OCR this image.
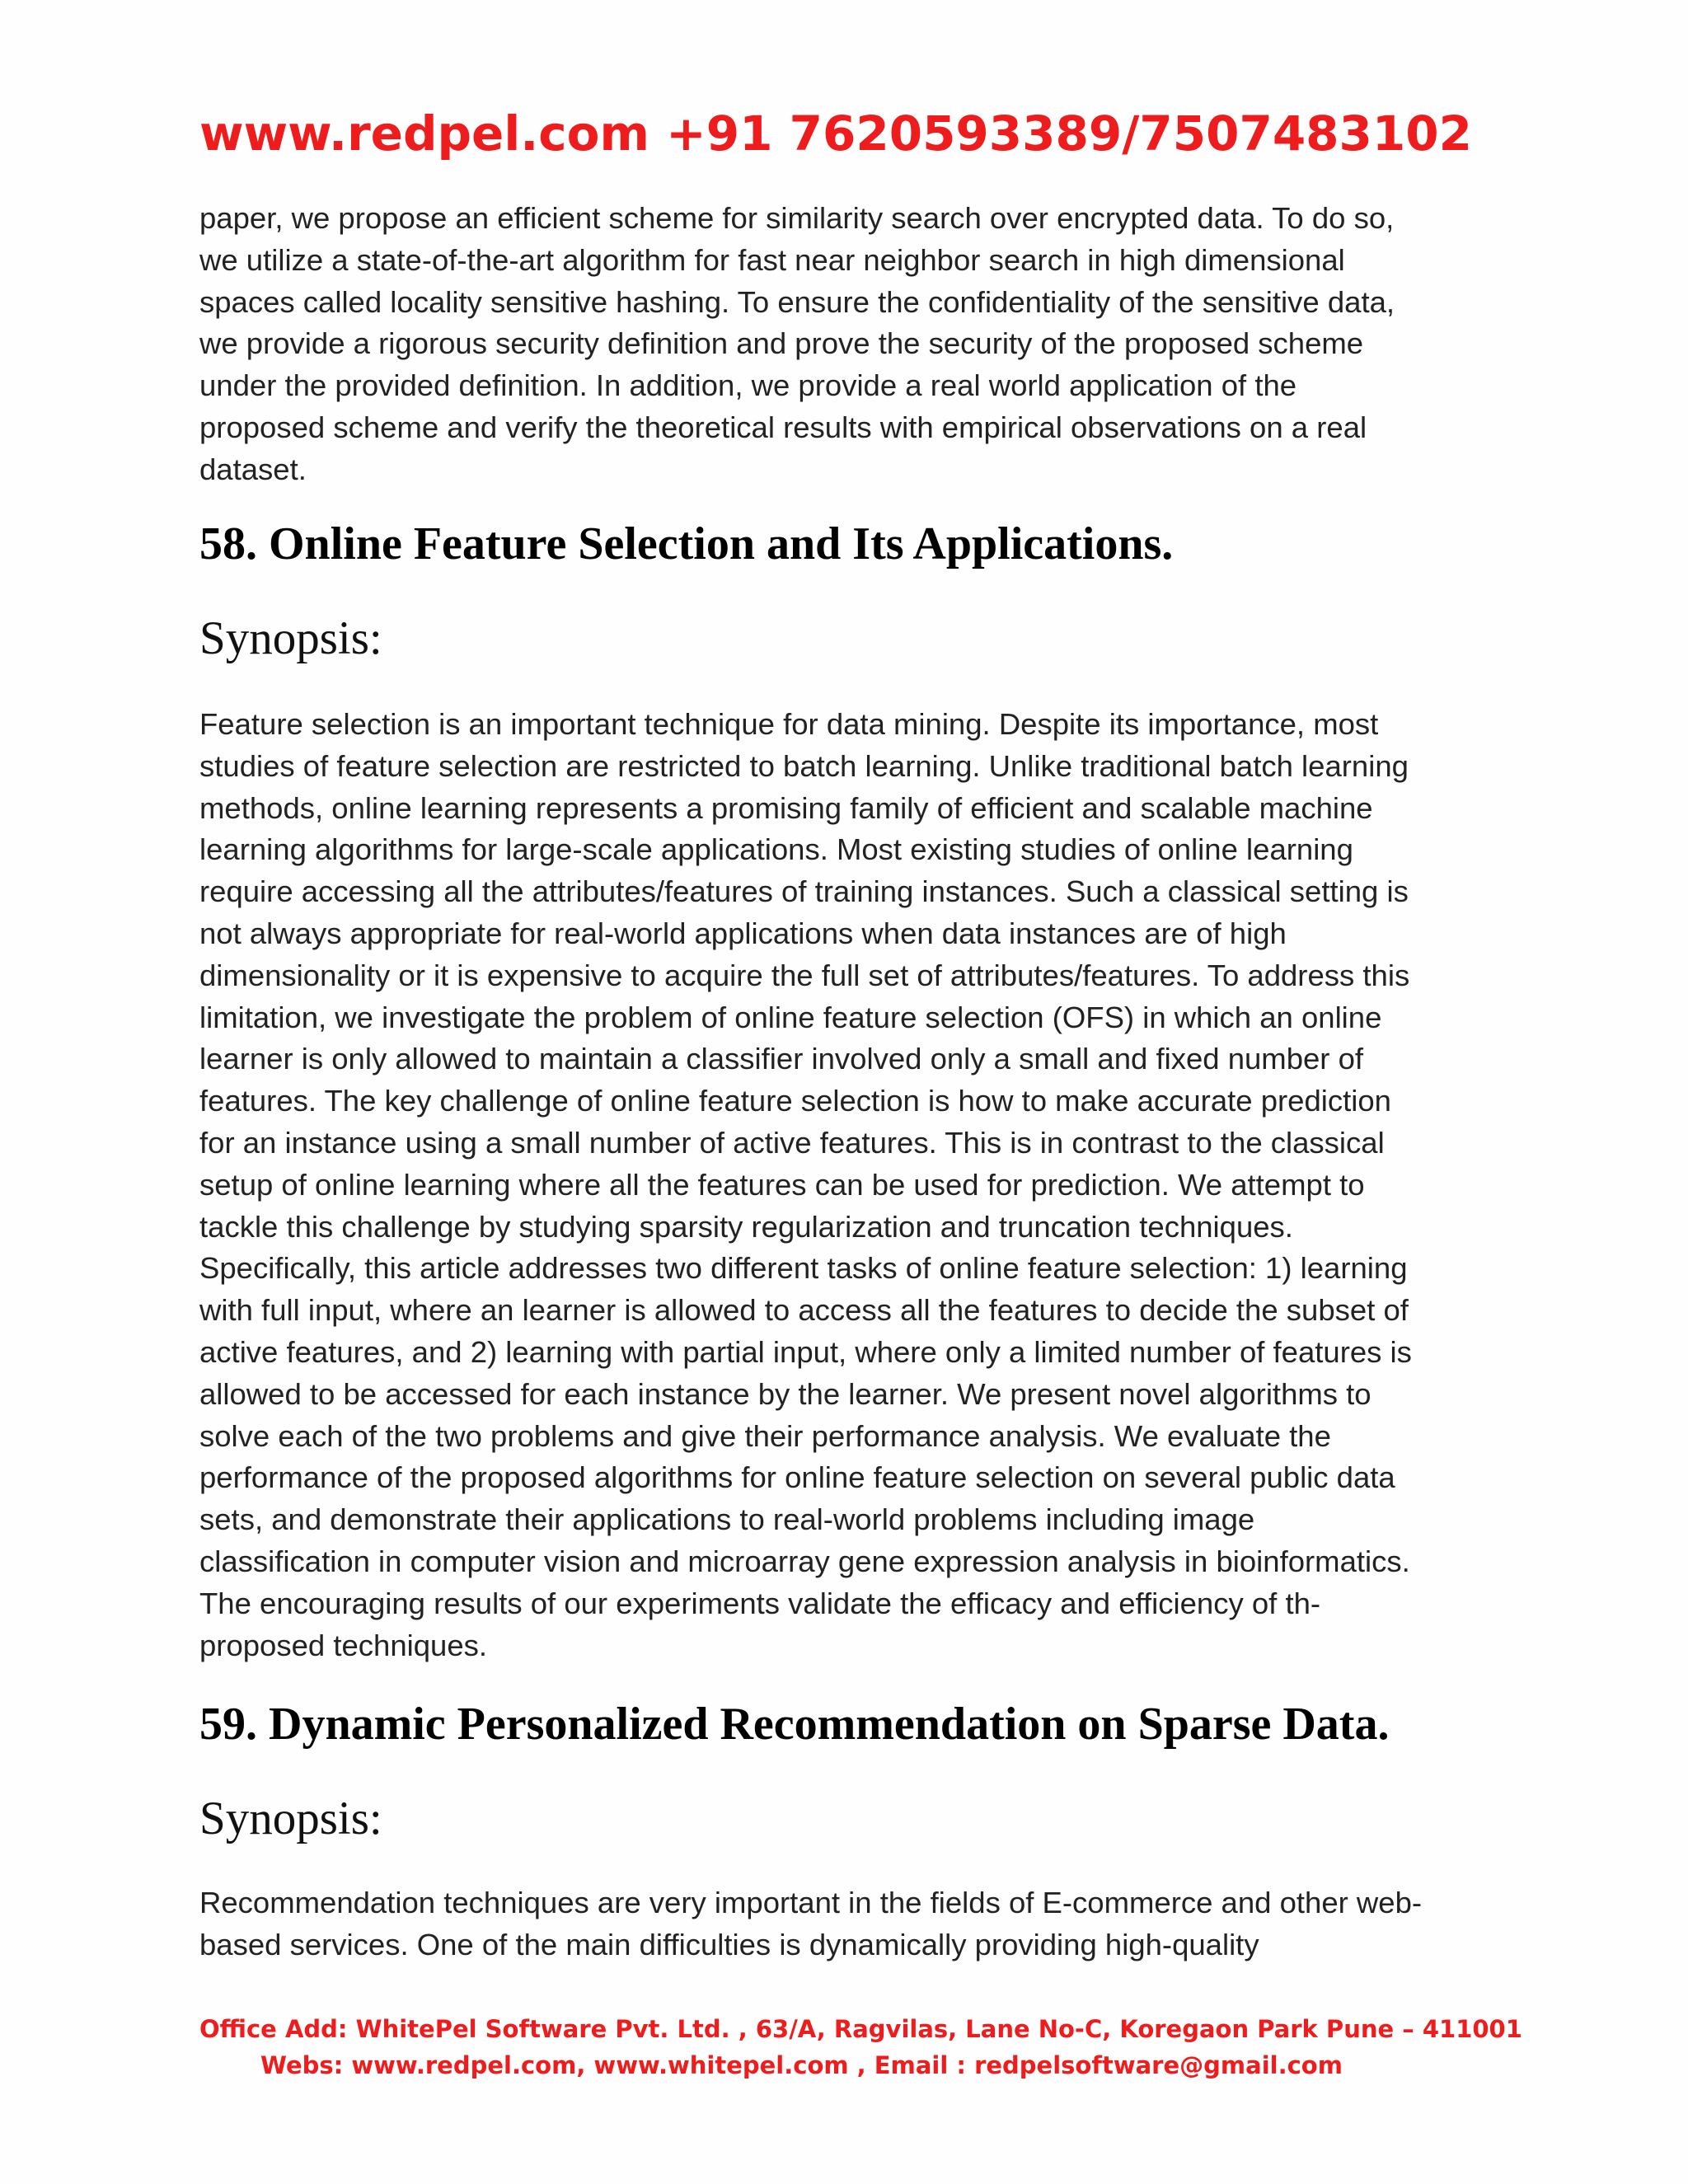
www.redpel.com +91 7620593389/7507483102

paper, we propose an efficient scheme for similarity search over encrypted data. To do so,
we utilize a state-of-the-art algorithm for fast near neighbor search in high dimensional
spaces called locality sensitive hashing. To ensure the confidentiality of the sensitive data,
we provide a rigorous security definition and prove the security of the proposed scheme
under the provided definition. In addition, we provide a real world application of the
proposed scheme and verify the theoretical results with empirical observations on a real
dataset.

58. Online Feature Selection and Its Applications.
Synopsis:

Feature selection is an important technique for data mining. Despite its importance, most
studies of feature selection are restricted to batch learning. Unlike traditional batch learning
methods, online learning represents a promising family of efficient and scalable machine
learning algorithms for large-scale applications. Most existing studies of online learning
require accessing all the attributes/features of training instances. Such a classical setting is
not always appropriate for real-world applications when data instances are of high
dimensionality or it is expensive to acquire the full set of attributes/features. To address this
limitation, we investigate the problem of online feature selection (OFS) in which an online
learner is only allowed to maintain a classifier involved only a small and fixed number of
features. The key challenge of online feature selection is how to make accurate prediction
for an instance using a small number of active features. This is in contrast to the classical
setup of online learning where all the features can be used for prediction. We attempt to
tackle this challenge by studying sparsity regularization and truncation techniques.
Specifically, this article addresses two different tasks of online feature selection: 1) learning
with full input, where an learner is allowed to access all the features to decide the subset of
active features, and 2) learning with partial input, where only a limited number of features is
allowed to be accessed for each instance by the learner. We present novel algorithms to
solve each of the two problems and give their performance analysis. We evaluate the
performance of the proposed algorithms for online feature selection on several public data
sets, and demonstrate their applications to real-world problems including image
classification in computer vision and microarray gene expression analysis in bioinformatics.
The encouraging results of our experiments validate the efficacy and efficiency of th-
proposed techniques.

59. Dynamic Personalized Recommendation on Sparse Data.
Synopsis:

Recommendation techniques are very important in the fields of E-commerce and other web-
based services. One of the main difficulties is dynamically providing high-quality

Office Add: WhitePel Software Pvt. Ltd. , 63/A, Ragvilas, Lane No-C, Koregaon Park Pune – 411001
Webs: www.redpel.com, www.whitepel.com , Email : redpelsoftware@gmail.com
